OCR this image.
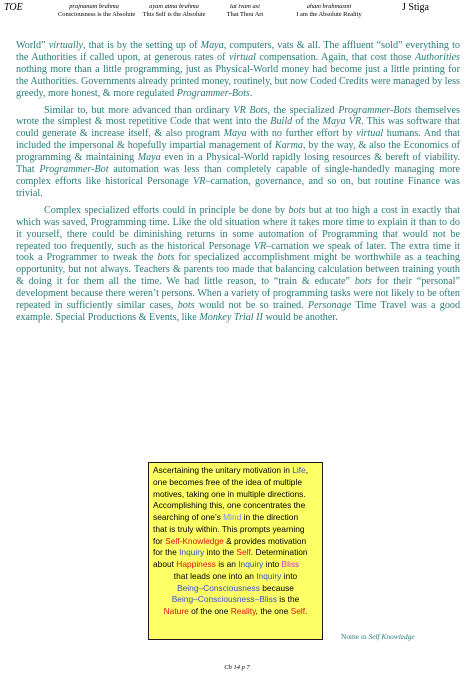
TOE	prajnanam brahma
Consciousness is the Absolute
ayam atma brahma
This Self is the Absolute
tat tvam asi
That Thou Art
aham brahmasmi
I am the Absolute Reality
J Stiga

World” virtually, that is by the setting up of Maya, computers, vats & all. The affluent “sold” everything to the Authorities if called upon, at generous rates of virtual compensation. Again, that cost those Authorities nothing more than a little programming, just as Physical-World money had become just a little printing for the Authorities. Governments already printed money, routinely, but now Coded Credits were managed by less greedy, more honest, & more regulated Programmer-Bots.

Similar to, but more advanced than ordinary VR Bots, the specialized Programmer-Bots themselves wrote the simplest & most repetitive Code that went into the Build of the Maya VR. This was software that could generate & increase itself, & also program Maya with no further effort by virtual humans. And that included the impersonal & hopefully impartial management of Karma, by the way, & also the Economics of programming & maintaining Maya even in a Physical-World rapidly losing resources & bereft of viability. That Programmer-Bot automation was less than completely capable of single-handedly managing more complex efforts like historical Personage VR–carnation, governance, and so on, but routine Finance was trivial.

Complex specialized efforts could in principle be done by bots but at too high a cost in exactly that which was saved, Programming time. Like the old situation where it takes more time to explain it than to do it yourself, there could be diminishing returns in some automation of Programming that would not be repeated too frequently, such as the historical Personage VR–carnation we speak of later. The extra time it took a Programmer to tweak the bots for specialized accomplishment might be worthwhile as a teaching opportunity, but not always. Teachers & parents too made that balancing calculation between training youth & doing it for them all the time. We had little reason, to “train & educate” bots for their “personal” development because there weren’t persons. When a variety of programming tasks were not likely to be often repeated in sufficiently similar cases, bots would not be so trained. Personage Time Travel was a good example. Special Productions & Events, like Monkey Trial II would be another.

Ascertaining the unitary motivation in Life,
one becomes free of the idea of multiple
motives, taking one in multiple directions.
Accomplishing this, one concentrates the
searching of one’s Mind in the direction
that is truly within. This prompts yearning
for Self-Knowledge & provides motivation
for the Inquiry into the Self. Determination
about Happiness is an Inquiry into Bliss
that leads one into an Inquiry into
Being–Consciousness because
Being–Consciousness–Bliss is the
Nature of the one Reality, the one Self.
Nome in Self Knowledge
Ch 14 p 7
